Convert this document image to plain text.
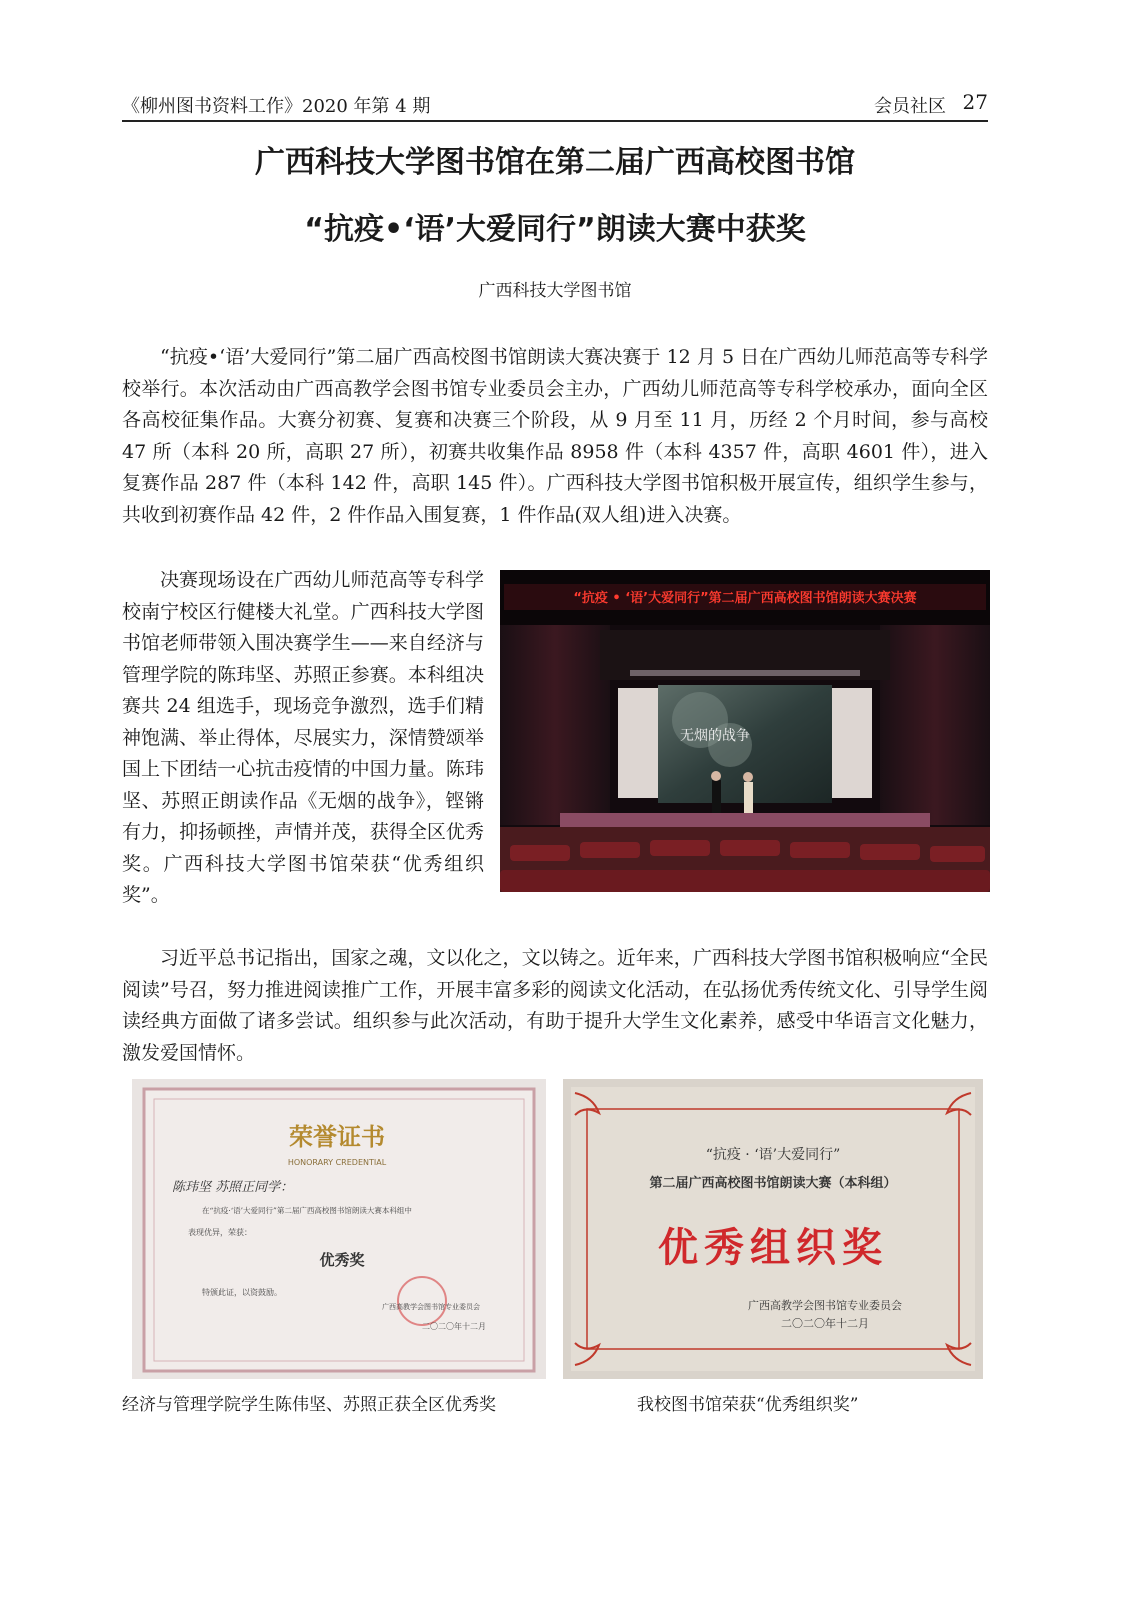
《柳州图书资料工作》2020 年第 4 期	会员社区 27
广西科技大学图书馆在第二届广西高校图书馆
“抗疫•‘语’大爱同行”朗读大赛中获奖
广西科技大学图书馆

“抗疫•‘语’大爱同行”第二届广西高校图书馆朗读大赛决赛于 12 月 5 日在广西幼儿师范高等专科学校举行。本次活动由广西高教学会图书馆专业委员会主办，广西幼儿师范高等专科学校承办，面向全区各高校征集作品。大赛分初赛、复赛和决赛三个阶段，从 9 月至 11 月，历经 2 个月时间，参与高校 47 所（本科 20 所，高职 27 所），初赛共收集作品 8958 件（本科 4357 件，高职 4601 件），进入复赛作品 287 件（本科 142 件，高职 145 件）。广西科技大学图书馆积极开展宣传，组织学生参与，共收到初赛作品 42 件，2 件作品入围复赛，1 件作品(双人组)进入决赛。

决赛现场设在广西幼儿师范高等专科学校南宁校区行健楼大礼堂。广西科技大学图书馆老师带领入围决赛学生——来自经济与管理学院的陈玮坚、苏照正参赛。本科组决赛共 24 组选手，现场竞争激烈，选手们精神饱满、举止得体，尽展实力，深情赞颂举国上下团结一心抗击疫情的中国力量。陈玮坚、苏照正朗读作品《无烟的战争》，铿锵有力，抑扬顿挫，声情并茂，获得全区优秀奖。广西科技大学图书馆荣获“优秀组织奖”。

“抗疫 • ‘语’大爱同行”第二届广西高校图书馆朗读大赛决赛
无烟的战争

习近平总书记指出，国家之魂，文以化之，文以铸之。近年来，广西科技大学图书馆积极响应“全民阅读”号召，努力推进阅读推广工作，开展丰富多彩的阅读文化活动，在弘扬优秀传统文化、引导学生阅读经典方面做了诸多尝试。组织参与此次活动，有助于提升大学生文化素养，感受中华语言文化魅力，激发爱国情怀。

荣誉证书
HONORARY CREDENTIAL
陈玮坚 苏照正同学：
在“抗疫·‘语’大爱同行”第二届广西高校图书馆朗读大赛本科组中
表现优异，荣获：
优秀奖
特颁此证，以资鼓励。
广西高教学会图书馆专业委员会
二〇二〇年十二月
“抗疫 · ‘语’大爱同行”
第二届广西高校图书馆朗读大赛（本科组）
优秀组织奖
广西高教学会图书馆专业委员会
二〇二〇年十二月
经济与管理学院学生陈伟坚、苏照正获全区优秀奖	我校图书馆荣获“优秀组织奖”
